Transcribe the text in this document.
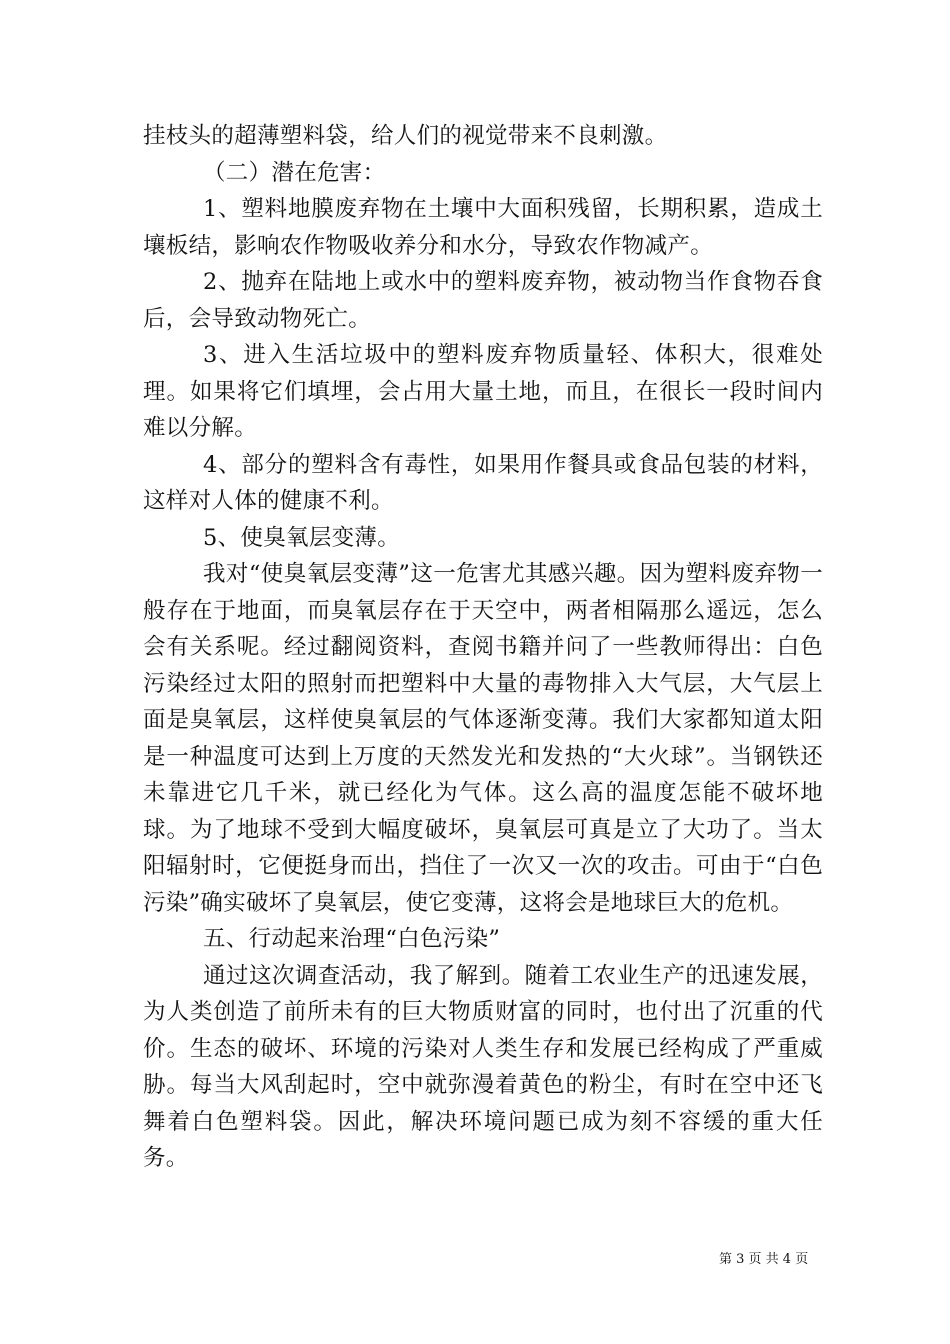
挂枝头的超薄塑料袋，给人们的视觉带来不良刺激。

（二）潜在危害：

1、塑料地膜废弃物在土壤中大面积残留，长期积累，造成土壤板结，影响农作物吸收养分和水分，导致农作物减产。

2、抛弃在陆地上或水中的塑料废弃物，被动物当作食物吞食后，会导致动物死亡。

3、进入生活垃圾中的塑料废弃物质量轻、体积大，很难处理。如果将它们填埋，会占用大量土地，而且，在很长一段时间内难以分解。

4、部分的塑料含有毒性，如果用作餐具或食品包装的材料，这样对人体的健康不利。

5、使臭氧层变薄。

我对“使臭氧层变薄”这一危害尤其感兴趣。因为塑料废弃物一般存在于地面，而臭氧层存在于天空中，两者相隔那么遥远，怎么会有关系呢。经过翻阅资料，查阅书籍并问了一些教师得出：白色污染经过太阳的照射而把塑料中大量的毒物排入大气层，大气层上面是臭氧层，这样使臭氧层的气体逐渐变薄。我们大家都知道太阳是一种温度可达到上万度的天然发光和发热的“大火球”。当钢铁还未靠进它几千米，就已经化为气体。这么高的温度怎能不破坏地球。为了地球不受到大幅度破坏，臭氧层可真是立了大功了。当太阳辐射时，它便挺身而出，挡住了一次又一次的攻击。可由于“白色污染”确实破坏了臭氧层，使它变薄，这将会是地球巨大的危机。

五、行动起来治理“白色污染”

通过这次调查活动，我了解到。随着工农业生产的迅速发展，为人类创造了前所未有的巨大物质财富的同时，也付出了沉重的代价。生态的破坏、环境的污染对人类生存和发展已经构成了严重威胁。每当大风刮起时，空中就弥漫着黄色的粉尘，有时在空中还飞舞着白色塑料袋。因此，解决环境问题已成为刻不容缓的重大任务。

第 3 页 共 4 页
